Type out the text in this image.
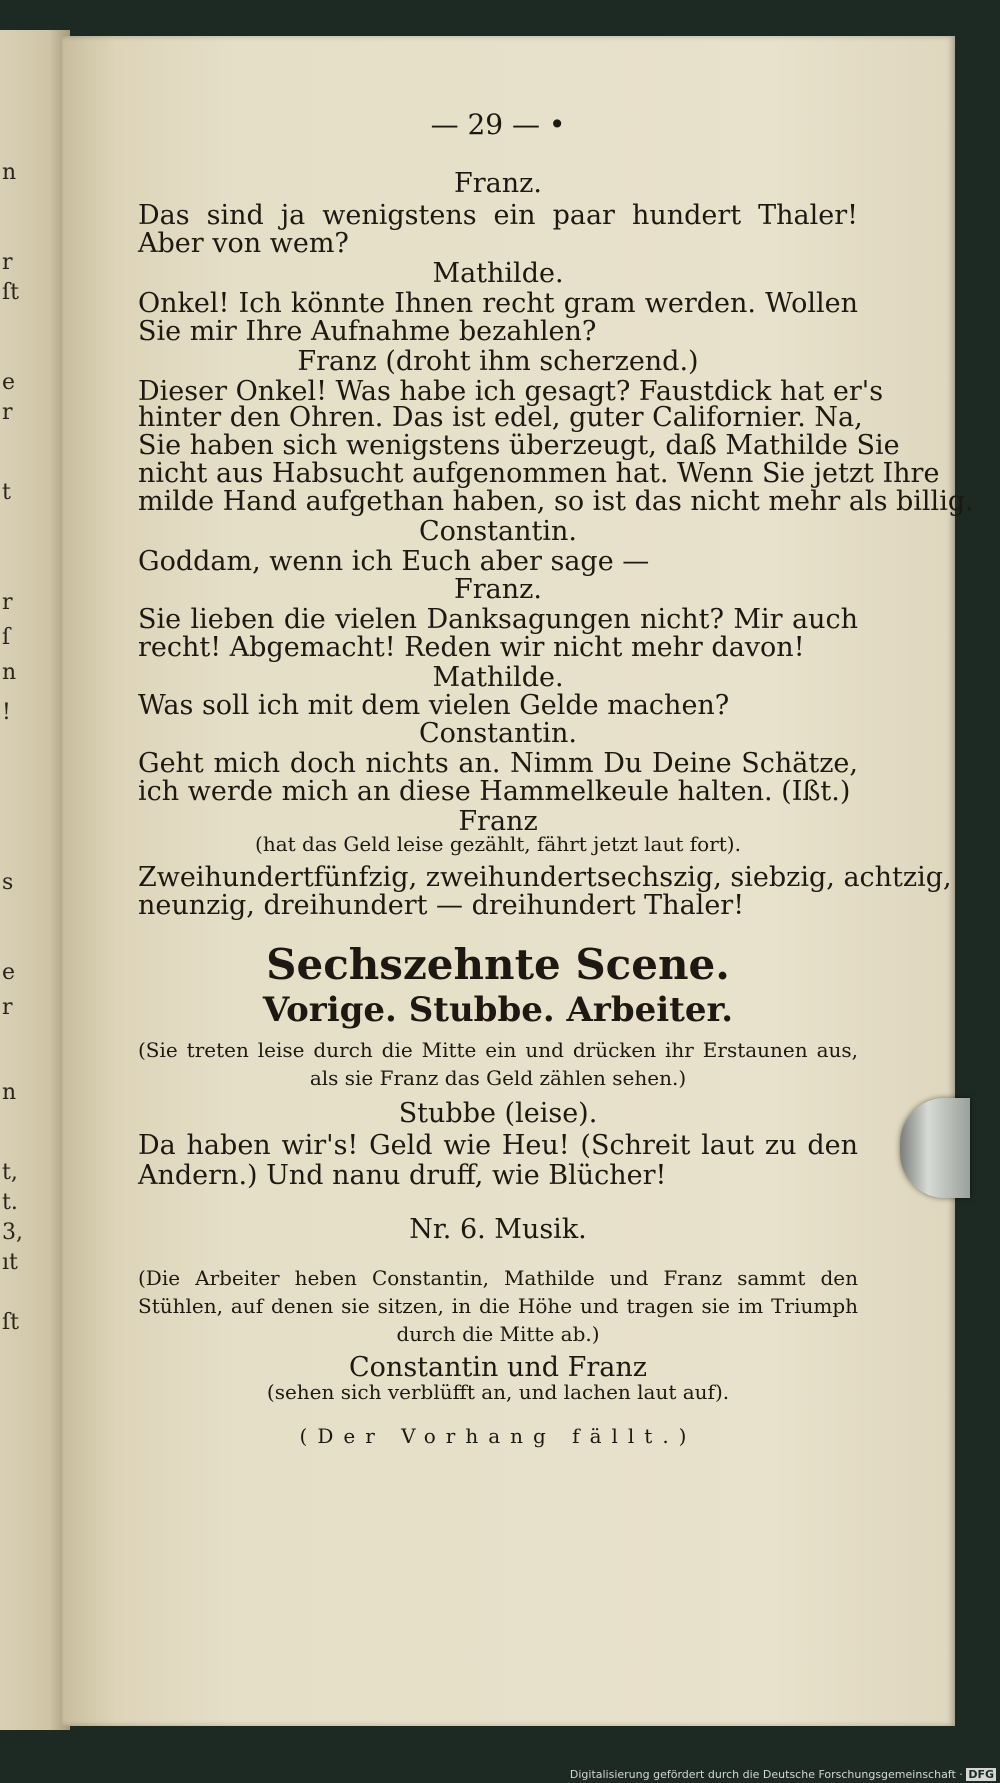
n
r
ſt
e
r
t
r
ſ
n
!
s
e
r
n
t,
t.
3,
ıt
ſt
— 29 — •
Franz.
Das sind ja wenigstens ein paar hundert Thaler!
Aber von wem?
Mathilde.
Onkel! Ich könnte Ihnen recht gram werden. Wollen
Sie mir Ihre Aufnahme bezahlen?
Franz (droht ihm scherzend.)
Dieser Onkel! Was habe ich gesagt? Faustdick hat er's
hinter den Ohren. Das ist edel, guter Californier. Na,
Sie haben sich wenigstens überzeugt, daß Mathilde Sie
nicht aus Habsucht aufgenommen hat. Wenn Sie jetzt Ihre
milde Hand aufgethan haben, so ist das nicht mehr als billig.
Constantin.
Goddam, wenn ich Euch aber sage —
Franz.
Sie lieben die vielen Danksagungen nicht? Mir auch
recht! Abgemacht! Reden wir nicht mehr davon!
Mathilde.
Was soll ich mit dem vielen Gelde machen?
Constantin.
Geht mich doch nichts an. Nimm Du Deine Schätze,
ich werde mich an diese Hammelkeule halten. (Ißt.)
Franz
(hat das Geld leise gezählt, fährt jetzt laut fort).
Zweihundertfünfzig, zweihundertsechszig, siebzig, achtzig,
neunzig, dreihundert — dreihundert Thaler!
Sechszehnte Scene.
Vorige. Stubbe. Arbeiter.
(Sie treten leise durch die Mitte ein und drücken ihr Erstaunen aus,
als sie Franz das Geld zählen sehen.)
Stubbe (leise).
Da haben wir's! Geld wie Heu! (Schreit laut zu den
Andern.) Und nanu druff, wie Blücher!
Nr. 6. Musik.
(Die Arbeiter heben Constantin, Mathilde und Franz sammt den
Stühlen, auf denen sie sitzen, in die Höhe und tragen sie im Triumph
durch die Mitte ab.)
Constantin und Franz
(sehen sich verblüfft an, und lachen laut auf).
(Der Vorhang fällt.)
Digitalisierung gefördert durch die Deutsche Forschungsgemeinschaft · DFG
